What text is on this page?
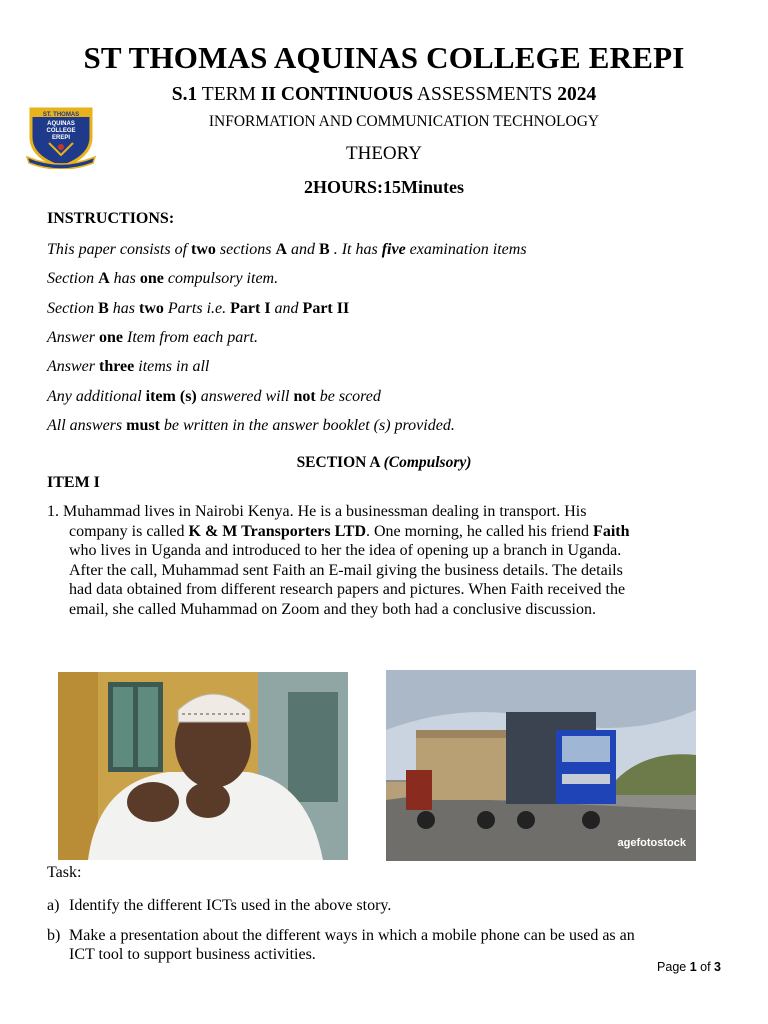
ST THOMAS AQUINAS COLLEGE EREPI
S.1 TERM II CONTINUOUS ASSESSMENTS 2024
INFORMATION AND COMMUNICATION TECHNOLOGY
THEORY
2HOURS:15Minutes
ST. THOMAS
AQUINAS
COLLEGE
EREPI
INSTRUCTIONS:
This paper consists of two sections A and B . It has five examination items
Section A has one compulsory item.
Section B has two Parts i.e. Part I and Part II
Answer one Item from each part.
Answer three items in all
Any additional item (s) answered will not be scored
All answers must be written in the answer booklet (s) provided.
SECTION A (Compulsory)
ITEM I
1. Muhammad lives in Nairobi Kenya. He is a businessman dealing in transport. His
company is called K & M Transporters LTD. One morning, he called his friend Faith
who lives in Uganda and introduced to her the idea of opening up a branch in Uganda.
After the call, Muhammad sent Faith an E-mail giving the business details. The details
had data obtained from different research papers and pictures. When Faith received the
email, she called Muhammad on Zoom and they both had a conclusive discussion.
agefotostock
Task:
a) Identify the different ICTs used in the above story.
b) Make a presentation about the different ways in which a mobile phone can be used as an
ICT tool to support business activities.
Page 1 of 3
